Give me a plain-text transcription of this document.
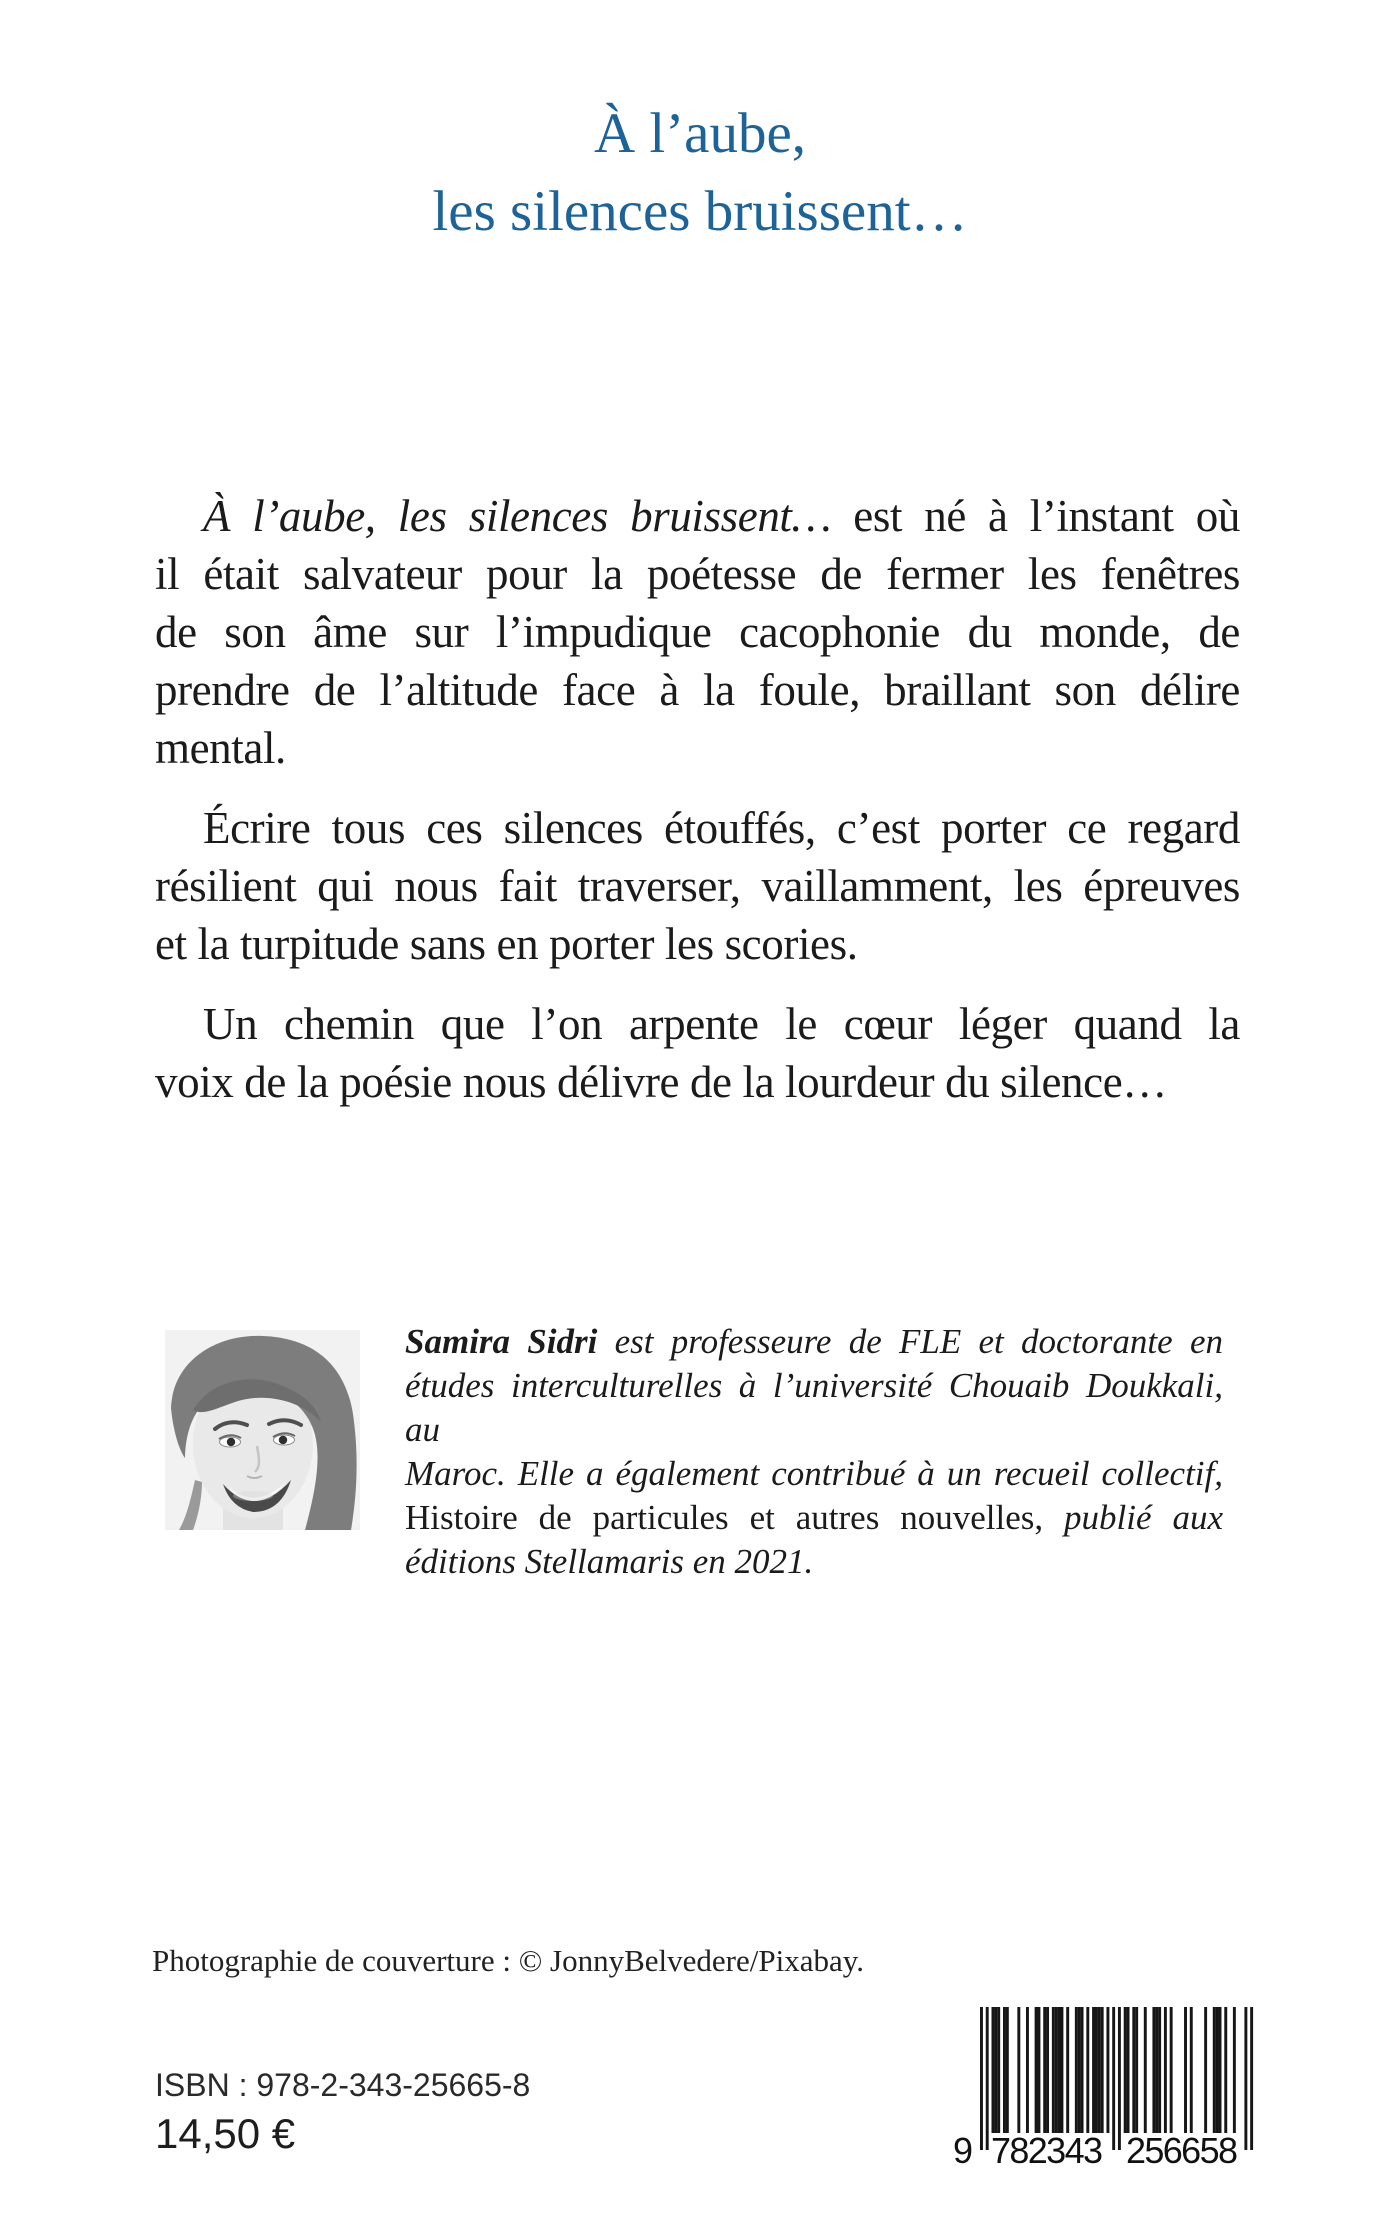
À l’aube,
les silences bruissent…
À l’aube, les silences bruissent… est né à l’instant où
il était salvateur pour la poétesse de fermer les fenêtres
de son âme sur l’impudique cacophonie du monde, de
prendre de l’altitude face à la foule, braillant son délire
mental.
Écrire tous ces silences étouffés, c’est porter ce regard
résilient qui nous fait traverser, vaillamment, les épreuves
et la turpitude sans en porter les scories.
Un chemin que l’on arpente le cœur léger quand la
voix de la poésie nous délivre de la lourdeur du silence…
Samira Sidri est professeure de FLE et doctorante en
études interculturelles à l’université Chouaib Doukkali, au
Maroc. Elle a également contribué à un recueil collectif,
Histoire de particules et autres nouvelles, publié aux
éditions Stellamaris en 2021.
Photographie de couverture : © JonnyBelvedere/Pixabay.
ISBN : 978-2-343-25665-8
14,50 €	9 782343 256658
